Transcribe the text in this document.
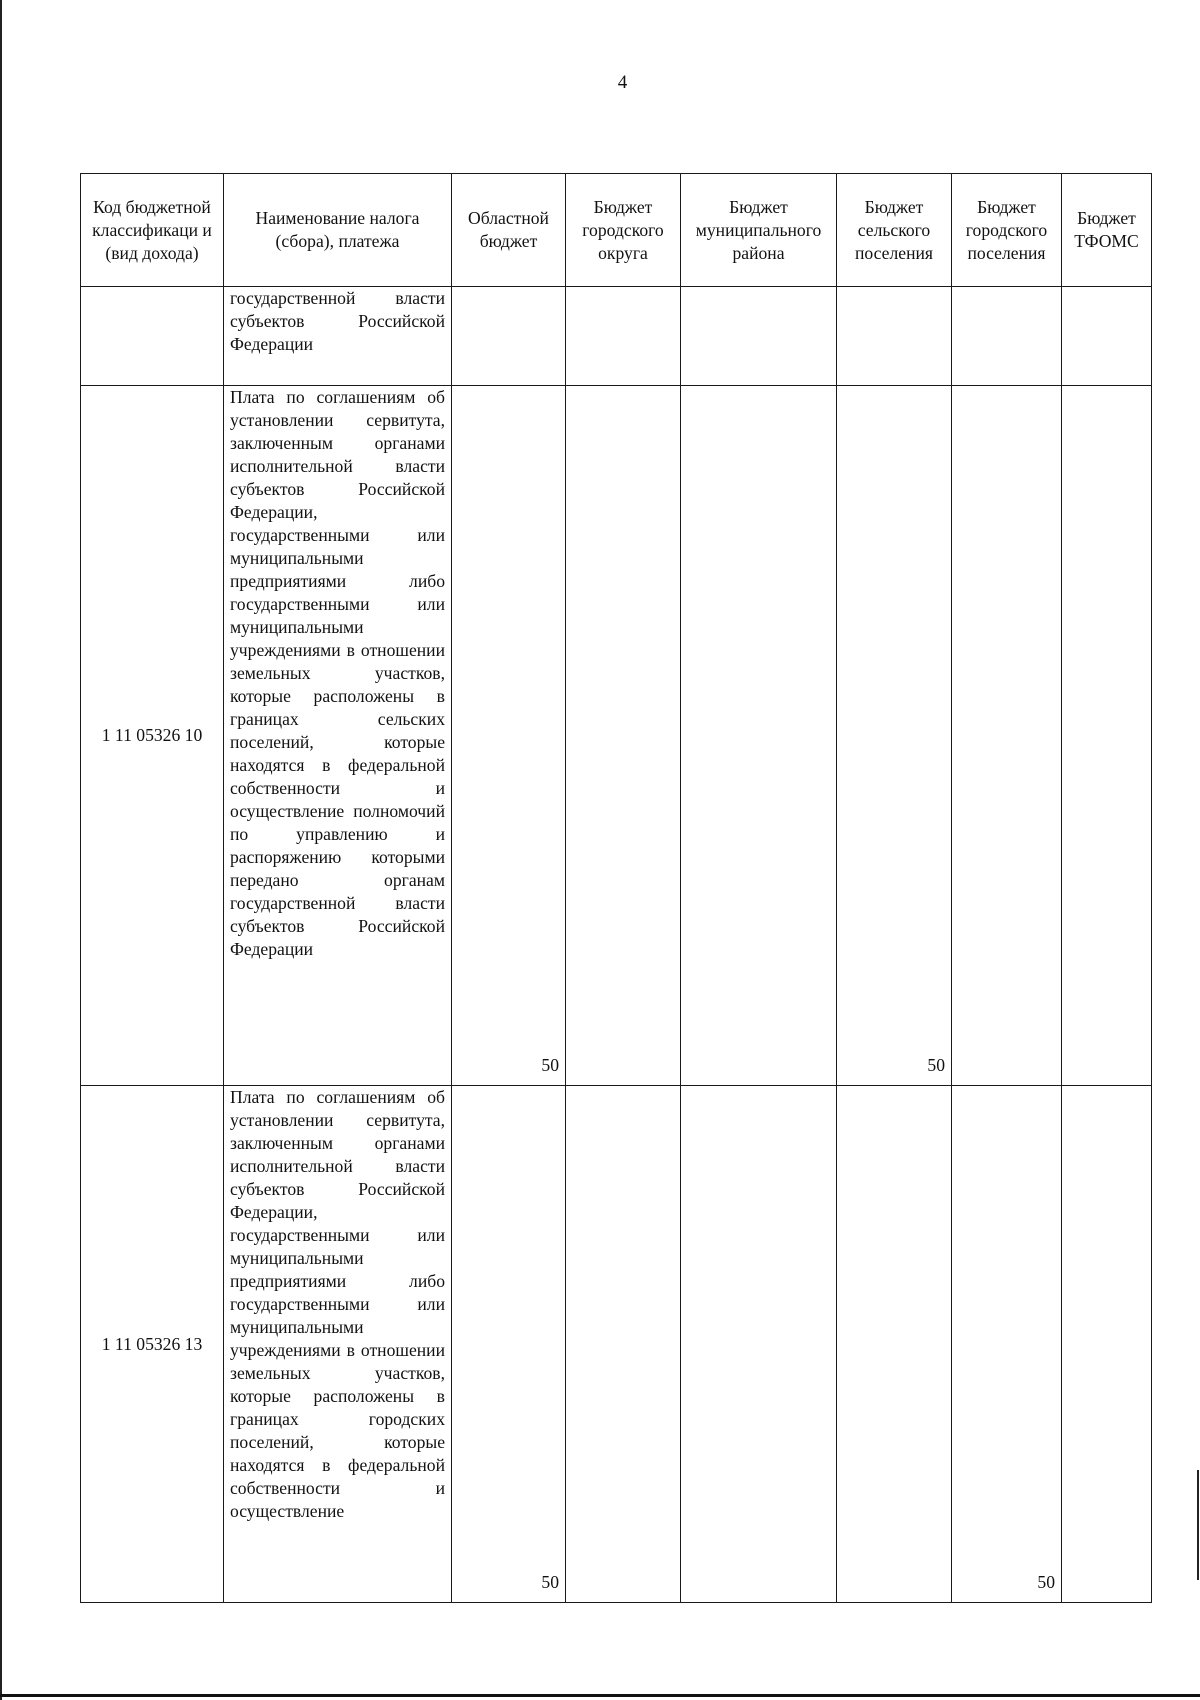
4
Код бюджетной классификаци и (вид дохода)	Наименование налога (сбора), платежа	Областной бюджет	Бюджет городского округа	Бюджет муниципального района	Бюджет сельского поселения	Бюджет городского поселения	Бюджет ТФОМС
	государственной власти субъектов Российской Федерации						
1 11 05326 10	Плата по соглашениям об установлении сервитута, заключенным органами исполнительной власти субъектов Российской Федерации, государственными или муниципальными предприятиями либо государственными или муниципальными учреждениями в отношении земельных участков, которые расположены в границах сельских поселений, которые находятся в федеральной собственности и осуществление полномочий по управлению и распоряжению которыми передано органам государственной власти субъектов Российской Федерации	50			50		
1 11 05326 13	Плата по соглашениям об установлении сервитута, заключенным органами исполнительной власти субъектов Российской Федерации, государственными или муниципальными предприятиями либо государственными или муниципальными учреждениями в отношении земельных участков, которые расположены в границах городских поселений, которые находятся в федеральной собственности и осуществление	50				50	
